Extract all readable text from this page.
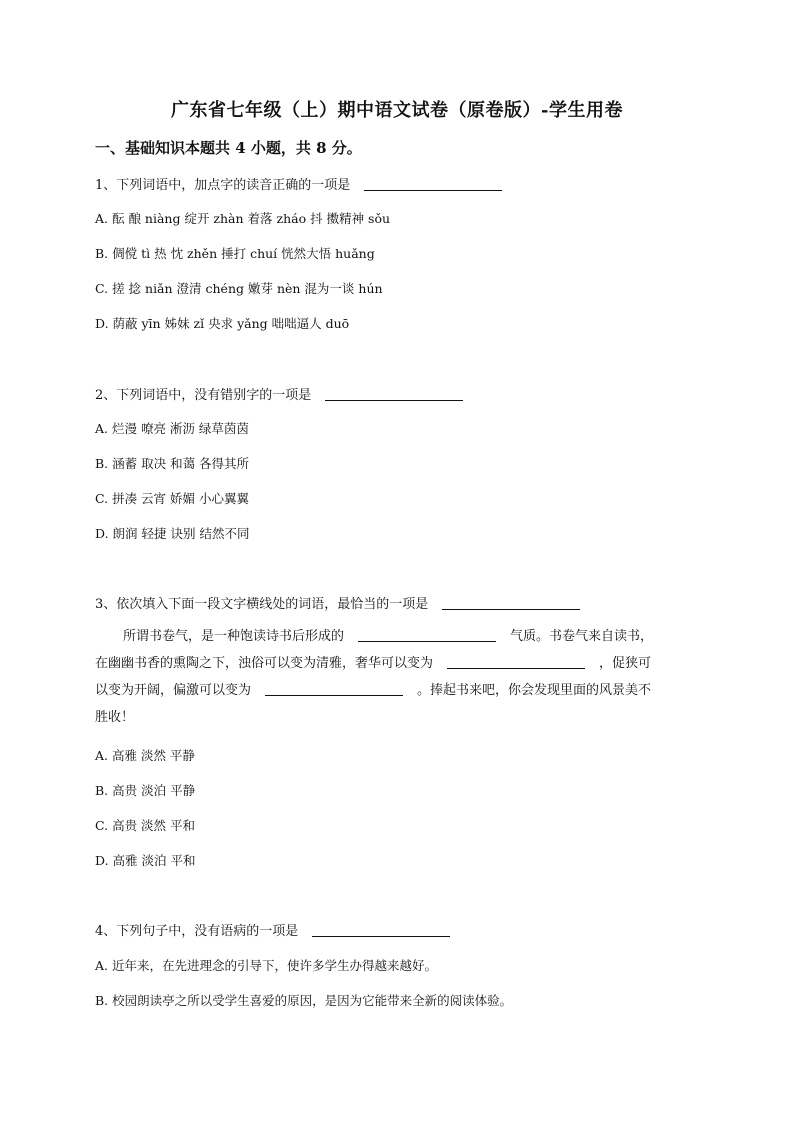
广东省七年级（上）期中语文试卷（原卷版）-学生用卷
一、基础知识本题共 4 小题，共 8 分。
1、下列词语中，加点字的读音正确的一项是
A. 酝 酿 niàng 绽开 zhàn 着落 zháo 抖 擞精神 sǒu
B. 倜傥 tì 热 忱 zhěn 捶打 chuí 恍然大悟 huǎng
C. 搓 捻 niǎn 澄清 chéng 嫩芽 nèn 混为一谈 hún
D. 荫蔽 yīn 姊妹 zǐ 央求 yǎng 咄咄逼人 duō
2、下列词语中，没有错别字的一项是
A. 烂漫 嘹亮 淅沥 绿草茵茵
B. 涵蓄 取决 和蔼 各得其所
C. 拼凑 云宵 娇媚 小心翼翼
D. 朗润 轻捷 诀别 结然不同
3、依次填入下面一段文字横线处的词语，最恰当的一项是
所谓书卷气，是一种饱读诗书后形成的	气质。书卷气来自读书，
在幽幽书香的熏陶之下，浊俗可以变为清雅，奢华可以变为	，促狭可
以变为开阔，偏激可以变为	。捧起书来吧，你会发现里面的风景美不
胜收！
A. 高雅 淡然 平静
B. 高贵 淡泊 平静
C. 高贵 淡然 平和
D. 高雅 淡泊 平和
4、下列句子中，没有语病的一项是
A. 近年来，在先进理念的引导下，使许多学生办得越来越好。
B. 校园朗读亭之所以受学生喜爱的原因，是因为它能带来全新的阅读体验。
